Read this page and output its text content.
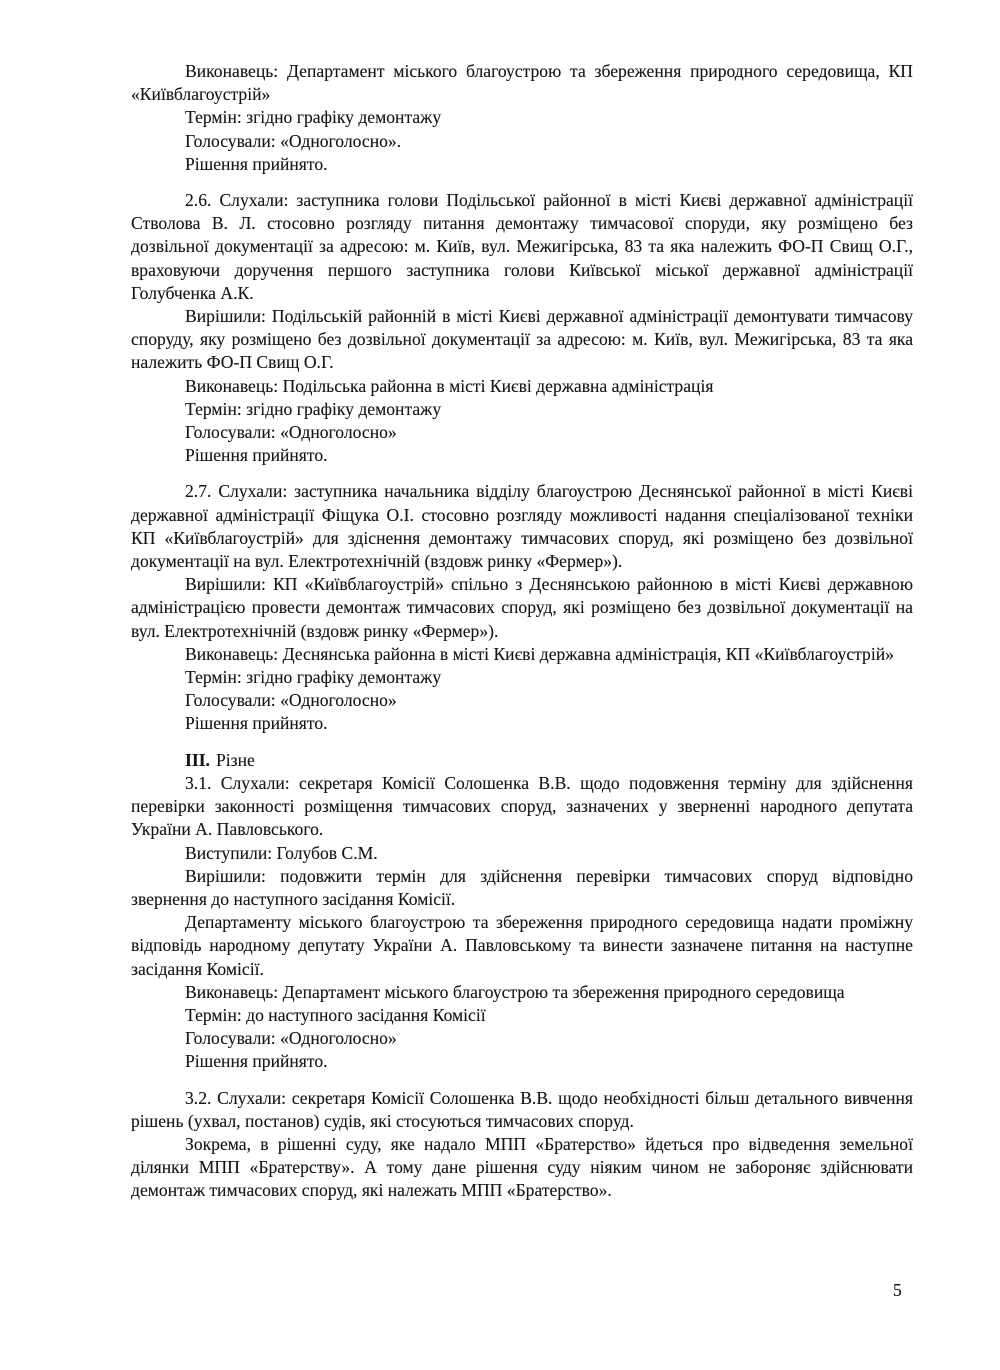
Виконавець: Департамент міського благоустрою та збереження природного середовища, КП «Київблагоустрій»

Термін: згідно графіку демонтажу

Голосували: «Одноголосно».

Рішення прийнято.

2.6. Слухали: заступника голови Подільської районної в місті Києві державної адміністрації Стволова В. Л. стосовно розгляду питання демонтажу тимчасової споруди, яку розміщено без дозвільної документації за адресою: м. Київ, вул. Межигірська, 83 та яка належить ФО-П Свищ О.Г., враховуючи доручення першого заступника голови Київської міської державної адміністрації Голубченка А.К.

Вирішили: Подільській районній в місті Києві державної адміністрації демонтувати тимчасову споруду, яку розміщено без дозвільної документації за адресою: м. Київ, вул. Межигірська, 83 та яка належить ФО-П Свищ О.Г.

Виконавець: Подільська районна в місті Києві державна адміністрація

Термін: згідно графіку демонтажу

Голосували: «Одноголосно»

Рішення прийнято.

2.7. Слухали: заступника начальника відділу благоустрою Деснянської районної в місті Києві державної адміністрації Фіщука О.І. стосовно розгляду можливості надання спеціалізованої техніки КП «Київблагоустрій» для здіснення демонтажу тимчасових споруд, які розміщено без дозвільної документації на вул. Електротехнічній (вздовж ринку «Фермер»).

Вирішили: КП «Київблагоустрій» спільно з Деснянською районною в місті Києві державною адміністрацією провести демонтаж тимчасових споруд, які розміщено без дозвільної документації на вул. Електротехнічній (вздовж ринку «Фермер»).

Виконавець: Деснянська районна в місті Києві державна адміністрація, КП «Київблагоустрій»

Термін: згідно графіку демонтажу

Голосували: «Одноголосно»

Рішення прийнято.

III. Різне

3.1. Слухали: секретаря Комісії Солошенка В.В. щодо подовження терміну для здійснення перевірки законності розміщення тимчасових споруд, зазначених у зверненні народного депутата України А. Павловського.

Виступили: Голубов С.М.

Вирішили: подовжити термін для здійснення перевірки тимчасових споруд відповідно звернення до наступного засідання Комісії.

Департаменту міського благоустрою та збереження природного середовища надати проміжну відповідь народному депутату України А. Павловському та винести зазначене питання на наступне засідання Комісії.

Виконавець: Департамент міського благоустрою та збереження природного середовища

Термін: до наступного засідання Комісії

Голосували: «Одноголосно»

Рішення прийнято.

3.2. Слухали: секретаря Комісії Солошенка В.В. щодо необхідності більш детального вивчення рішень (ухвал, постанов) судів, які стосуються тимчасових споруд.

Зокрема, в рішенні суду, яке надало МПП «Братерство» йдеться про відведення земельної ділянки МПП «Братерству». А тому дане рішення суду ніяким чином не забороняє здійснювати демонтаж тимчасових споруд, які належать МПП «Братерство».

5
